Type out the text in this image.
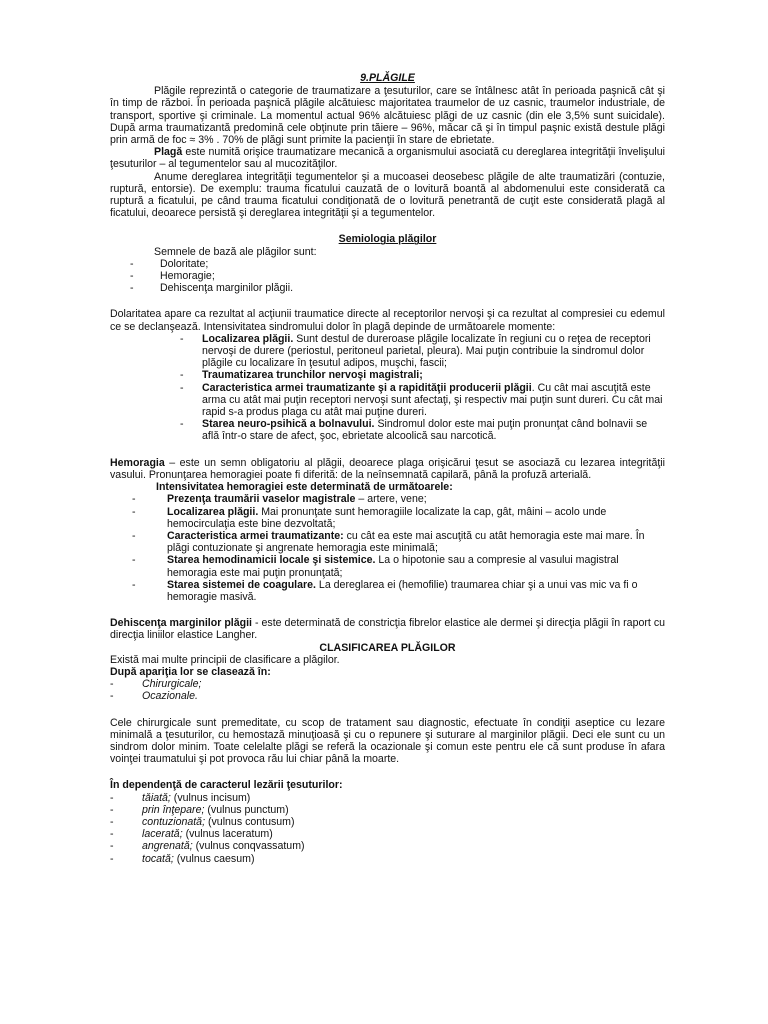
9.PLĂGILE

Plăgile reprezintă o categorie de traumatizare a ţesuturilor, care se întâlnesc atât în perioada paşnică cât şi în timp de război. În perioada paşnică plăgile alcătuiesc majoritatea traumelor de uz casnic, traumelor industriale, de transport, sportive şi criminale. La momentul actual 96% alcătuiesc plăgi de uz casnic (din ele 3,5% sunt suicidale). După arma traumatizantă predomină cele obţinute prin tăiere – 96%, măcar că şi în timpul paşnic există destule plăgi prin armă de foc ≈ 3% . 70% de plăgi sunt primite la pacienţii în stare de ebrietate.

Plagă este numită orişice traumatizare mecanică a organismului asociată cu dereglarea integrităţii învelişului ţesuturilor – al tegumentelor sau al mucozităţilor.

Anume dereglarea integrităţii tegumentelor şi a mucoasei deosebesc plăgile de alte traumatizări (contuzie, ruptură, entorsie). De exemplu: trauma ficatului cauzată de o lovitură boantă al abdomenului este considerată ca ruptură a ficatului, pe când trauma ficatului condiţionată de o lovitură penetrantă de cuţit este considerată plagă al ficatului, deoarece persistă şi dereglarea integrităţii şi a tegumentelor.

Semiologia plăgilor

Semnele de bază ale plăgilor sunt:

- Doloritate;
- Hemoragie;
- Dehiscenţa marginilor plăgii.

Dolaritatea apare ca rezultat al acţiunii traumatice directe al receptorilor nervoşi şi ca rezultat al compresiei cu edemul ce se declanşează. Intensivitatea sindromului dolor în plagă depinde de următoarele momente:

- Localizarea plăgii. Sunt destul de dureroase plăgile localizate în regiuni cu o reţea de receptori nervoşi de durere (periostul, peritoneul parietal, pleura). Mai puţin contribuie la sindromul dolor plăgile cu localizare în ţesutul adipos, muşchi, fascii;
- Traumatizarea trunchilor nervoşi magistrali;
- Caracteristica armei traumatizante şi a rapidităţii producerii plăgii. Cu cât mai ascuţită este arma cu atât mai puţin receptori nervoşi sunt afectaţi, şi respectiv mai puţin sunt dureri. Cu cât mai rapid s-a produs plaga cu atât mai puţine dureri.
- Starea neuro-psihică a bolnavului. Sindromul dolor este mai puţin pronunţat când bolnavii se află într-o stare de afect, şoc, ebrietate alcoolică sau narcotică.

Hemoragia – este un semn obligatoriu al plăgii, deoarece plaga orişicărui ţesut se asociază cu lezarea integrităţii vasului. Pronunţarea hemoragiei poate fi diferită: de la neînsemnată capilară, până la profuză arterială.

Intensivitatea hemoragiei este determinată de următoarele:
- Prezenţa traumării vaselor magistrale – artere, vene;
- Localizarea plăgii. Mai pronunţate sunt hemoragiile localizate la cap, gât, mâini – acolo unde hemocirculaţia este bine dezvoltată;
- Caracteristica armei traumatizante: cu cât ea este mai ascuţită cu atât hemoragia este mai mare. În plăgi contuzionate şi angrenate hemoragia este minimală;
- Starea hemodinamicii locale şi sistemice. La o hipotonie sau a compresie al vasului magistral hemoragia este mai puţin pronunţată;
- Starea sistemei de coagulare. La dereglarea ei (hemofilie) traumarea chiar şi a unui vas mic va fi o hemoragie masivă.

Dehiscenţa marginilor plăgii - este determinată de constricţia fibrelor elastice ale dermei şi direcţia plăgii în raport cu direcţia liniilor elastice Langher.

CLASIFICAREA PLĂGILOR

Există mai multe principii de clasificare a plăgilor.

După apariţia lor se clasează în:

- Chirurgicale;
- Ocazionale.

Cele chirurgicale sunt premeditate, cu scop de tratament sau diagnostic, efectuate în condiţii aseptice cu lezare minimală a ţesuturilor, cu hemostază minuţioasă şi cu o repunere şi suturare al marginilor plăgii. Deci ele sunt cu un sindrom dolor minim. Toate celelalte plăgi se referă la ocazionale şi comun este pentru ele că sunt produse în afara voinţei traumatului şi pot provoca rău lui chiar până la moarte.

În dependenţă de caracterul lezării ţesuturilor:

- tăiată; (vulnus incisum)
- prin înţepare; (vulnus punctum)
- contuzionată; (vulnus contusum)
- lacerată; (vulnus laceratum)
- angrenată; (vulnus conqvassatum)
- tocată; (vulnus caesum)
